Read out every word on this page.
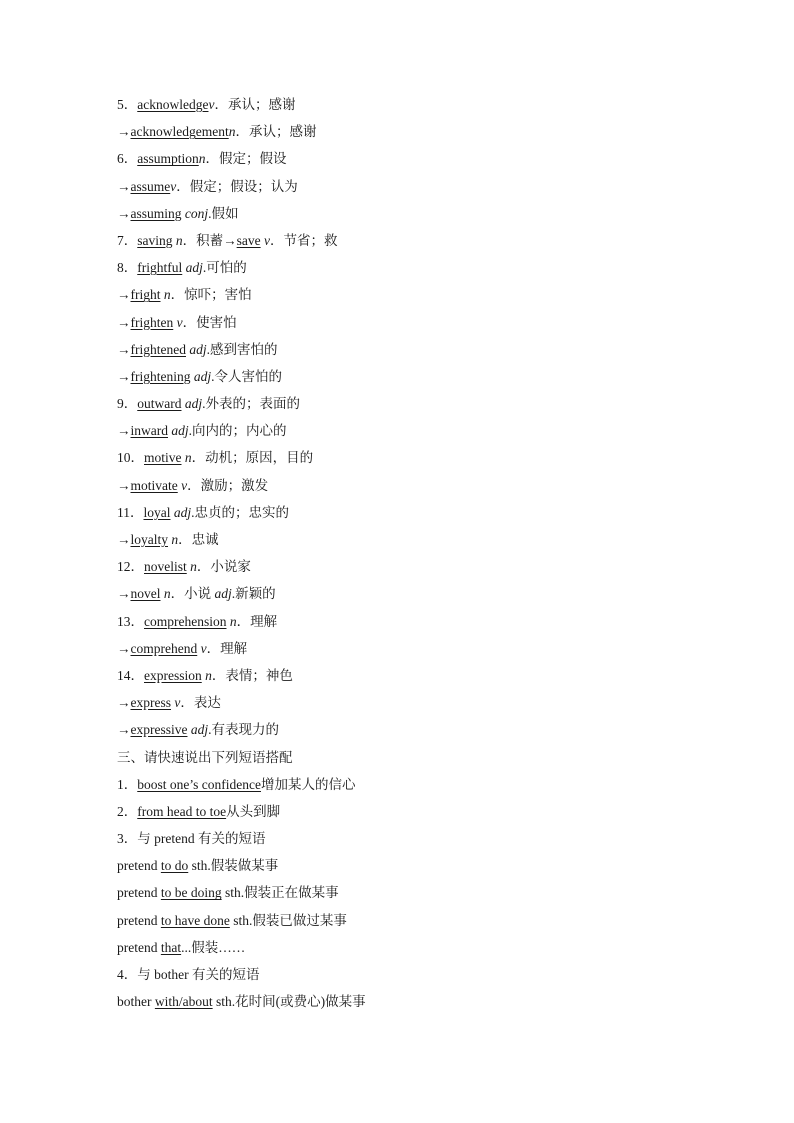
5．acknowledgev．承认；感谢
→acknowledgementn．承认；感谢
6．assumptionn．假定；假设
→assumev．假定；假设；认为
→assuming conj.假如
7．saving n．积蓄→save v．节省；救
8．frightful adj.可怕的
→fright n．惊吓；害怕
→frighten v．使害怕
→frightened adj.感到害怕的
→frightening adj.令人害怕的
9．outward adj.外表的；表面的
→inward adj.向内的；内心的
10．motive n．动机；原因，目的
→motivate v．激励；激发
11．loyal adj.忠贞的；忠实的
→loyalty n．忠诚
12．novelist n．小说家
→novel n．小说 adj.新颖的
13．comprehension n．理解
→comprehend v．理解
14．expression n．表情；神色
→express v．表达
→expressive adj.有表现力的
三、请快速说出下列短语搭配
1．boost one’s confidence增加某人的信心
2．from head to toe从头到脚
3．与 pretend 有关的短语
pretend to do sth.假装做某事
pretend to be doing sth.假装正在做某事
pretend to have done sth.假装已做过某事
pretend that...假装……
4．与 bother 有关的短语
bother with/about sth.花时间(或费心)做某事
